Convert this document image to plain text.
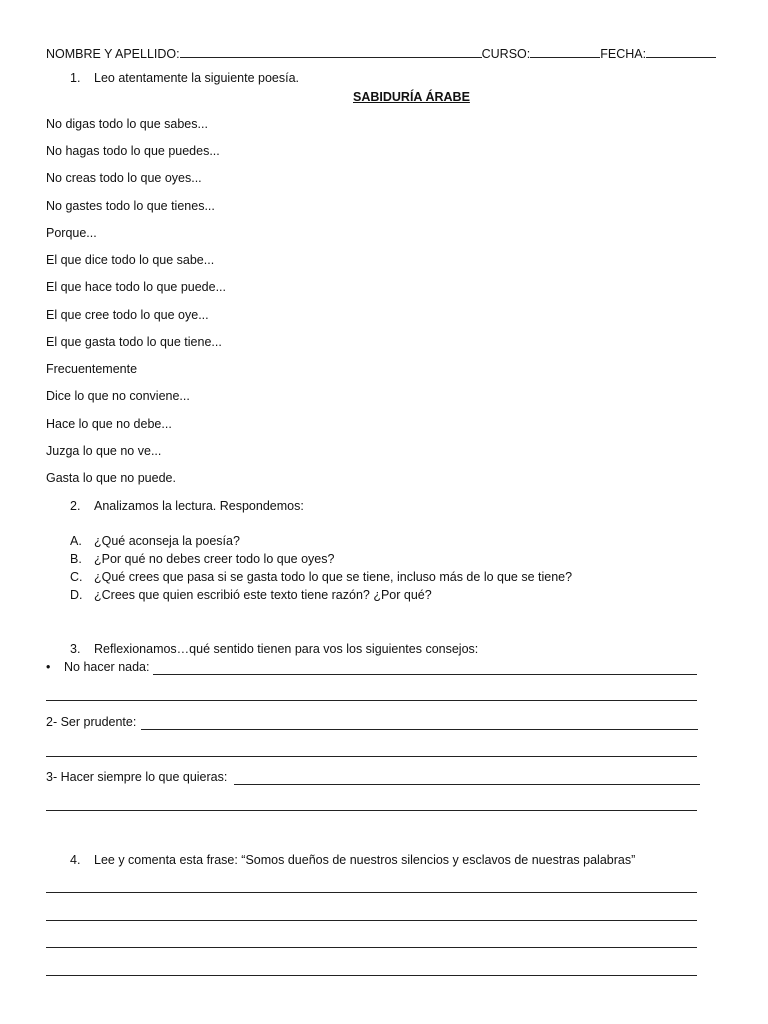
NOMBRE Y APELLIDO:	CURSO:	FECHA:
1. Leo atentamente la siguiente poesía.
SABIDURÍA ÁRABE
No digas todo lo que sabes...
No hagas todo lo que puedes...
No creas todo lo que oyes...
No gastes todo lo que tienes...
Porque...
El que dice todo lo que sabe...
El que hace todo lo que puede...
El que cree todo lo que oye...
El que gasta todo lo que tiene...
Frecuentemente
Dice lo que no conviene...
Hace lo que no debe...
Juzga lo que no ve...
Gasta lo que no puede.
2. Analizamos la lectura. Respondemos:
A. ¿Qué aconseja la poesía?
B. ¿Por qué no debes creer todo lo que oyes?
C. ¿Qué crees que pasa si se gasta todo lo que se tiene, incluso más de lo que se tiene?
D. ¿Crees que quien escribió este texto tiene razón? ¿Por qué?
3. Reflexionamos…qué sentido tienen para vos los siguientes consejos:
• No hacer nada:
2- Ser prudente:
3- Hacer siempre lo que quieras:
4. Lee y comenta esta frase: “Somos dueños de nuestros silencios y esclavos de nuestras palabras”
